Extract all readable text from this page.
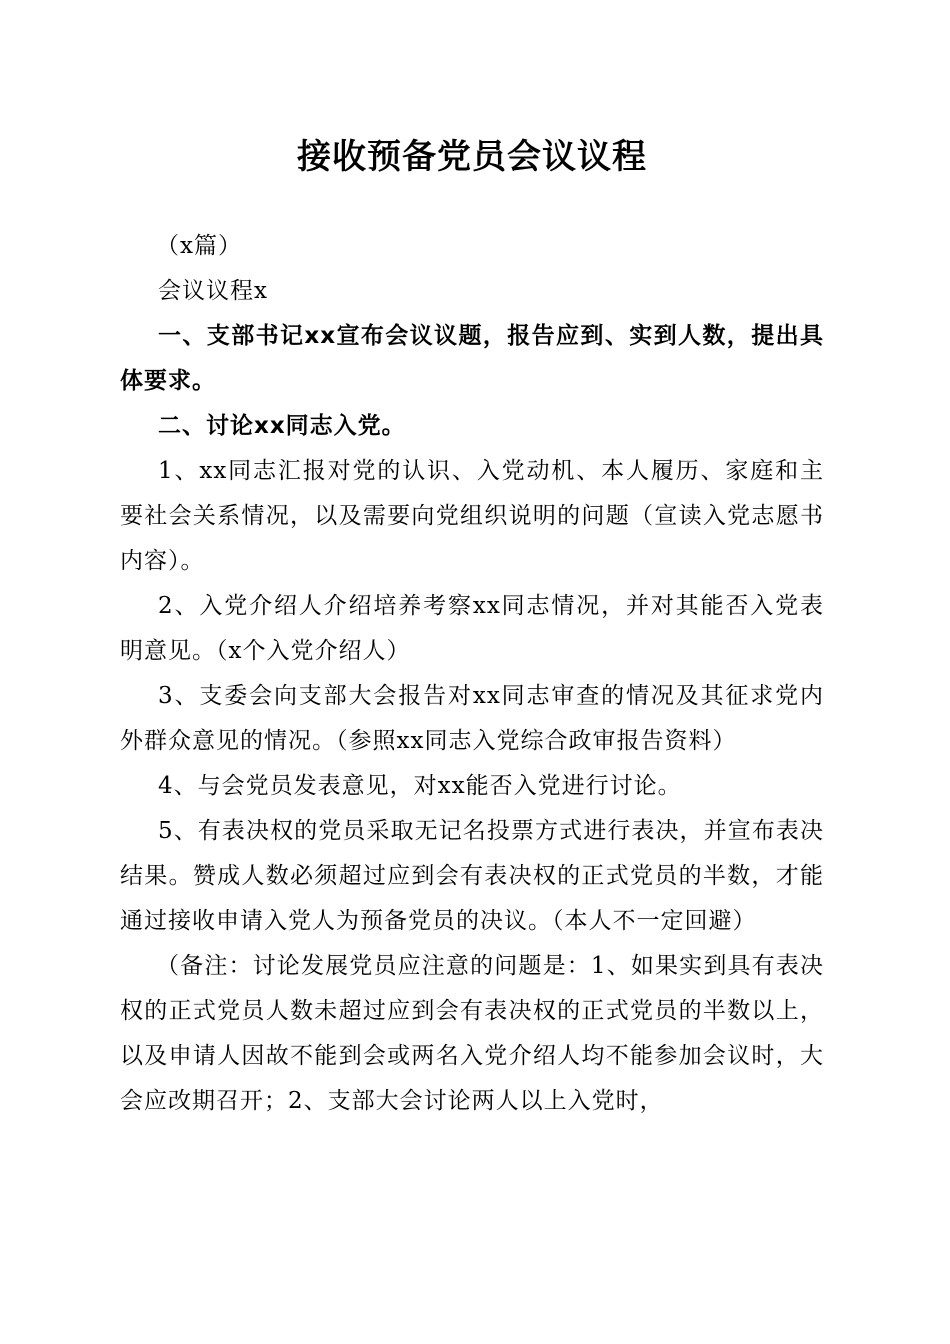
接收预备党员会议议程

（x篇）

会议议程x

一、支部书记xx宣布会议议题，报告应到、实到人数，提出具体要求。

二、讨论xx同志入党。

1、xx同志汇报对党的认识、入党动机、本人履历、家庭和主要社会关系情况，以及需要向党组织说明的问题（宣读入党志愿书内容）。

2、入党介绍人介绍培养考察xx同志情况，并对其能否入党表明意见。（x个入党介绍人）

3、支委会向支部大会报告对xx同志审查的情况及其征求党内外群众意见的情况。（参照xx同志入党综合政审报告资料）

4、与会党员发表意见，对xx能否入党进行讨论。

5、有表决权的党员采取无记名投票方式进行表决，并宣布表决结果。赞成人数必须超过应到会有表决权的正式党员的半数，才能通过接收申请入党人为预备党员的决议。（本人不一定回避）

（备注：讨论发展党员应注意的问题是：1、如果实到具有表决权的正式党员人数未超过应到会有表决权的正式党员的半数以上，以及申请人因故不能到会或两名入党介绍人均不能参加会议时，大会应改期召开；2、支部大会讨论两人以上入党时，
